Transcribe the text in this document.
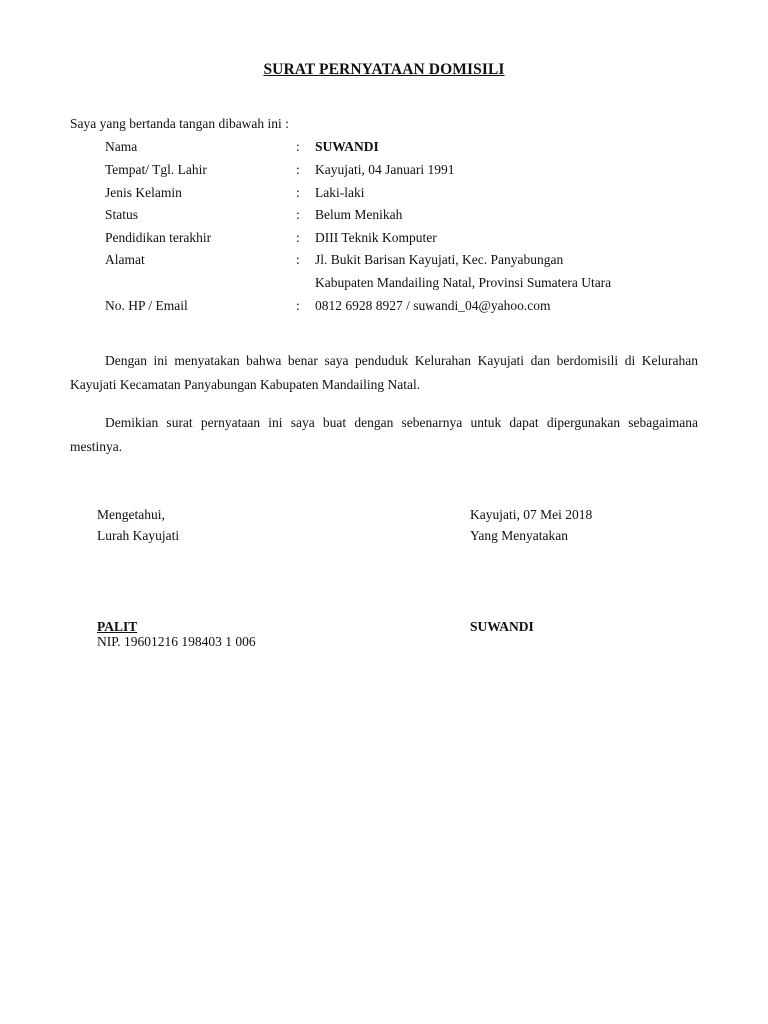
SURAT PERNYATAAN DOMISILI
Saya yang bertanda tangan dibawah ini :
Nama	: SUWANDI
Tempat/ Tgl. Lahir	: Kayujati, 04 Januari 1991
Jenis Kelamin	: Laki-laki
Status	: Belum Menikah
Pendidikan terakhir	: DIII Teknik Komputer
Alamat	: Jl. Bukit Barisan Kayujati, Kec. Panyabungan
Kabupaten Mandailing Natal, Provinsi Sumatera Utara
No. HP / Email	: 0812 6928 8927 / suwandi_04@yahoo.com

Dengan ini menyatakan bahwa benar saya penduduk Kelurahan Kayujati dan berdomisili di Kelurahan Kayujati Kecamatan Panyabungan Kabupaten Mandailing Natal.

Demikian surat pernyataan ini saya buat dengan sebenarnya untuk dapat dipergunakan sebagaimana mestinya.

Mengetahui,
Lurah Kayujati
PALIT
NIP. 19601216 198403 1 006
Kayujati, 07 Mei 2018
Yang Menyatakan
SUWANDI
